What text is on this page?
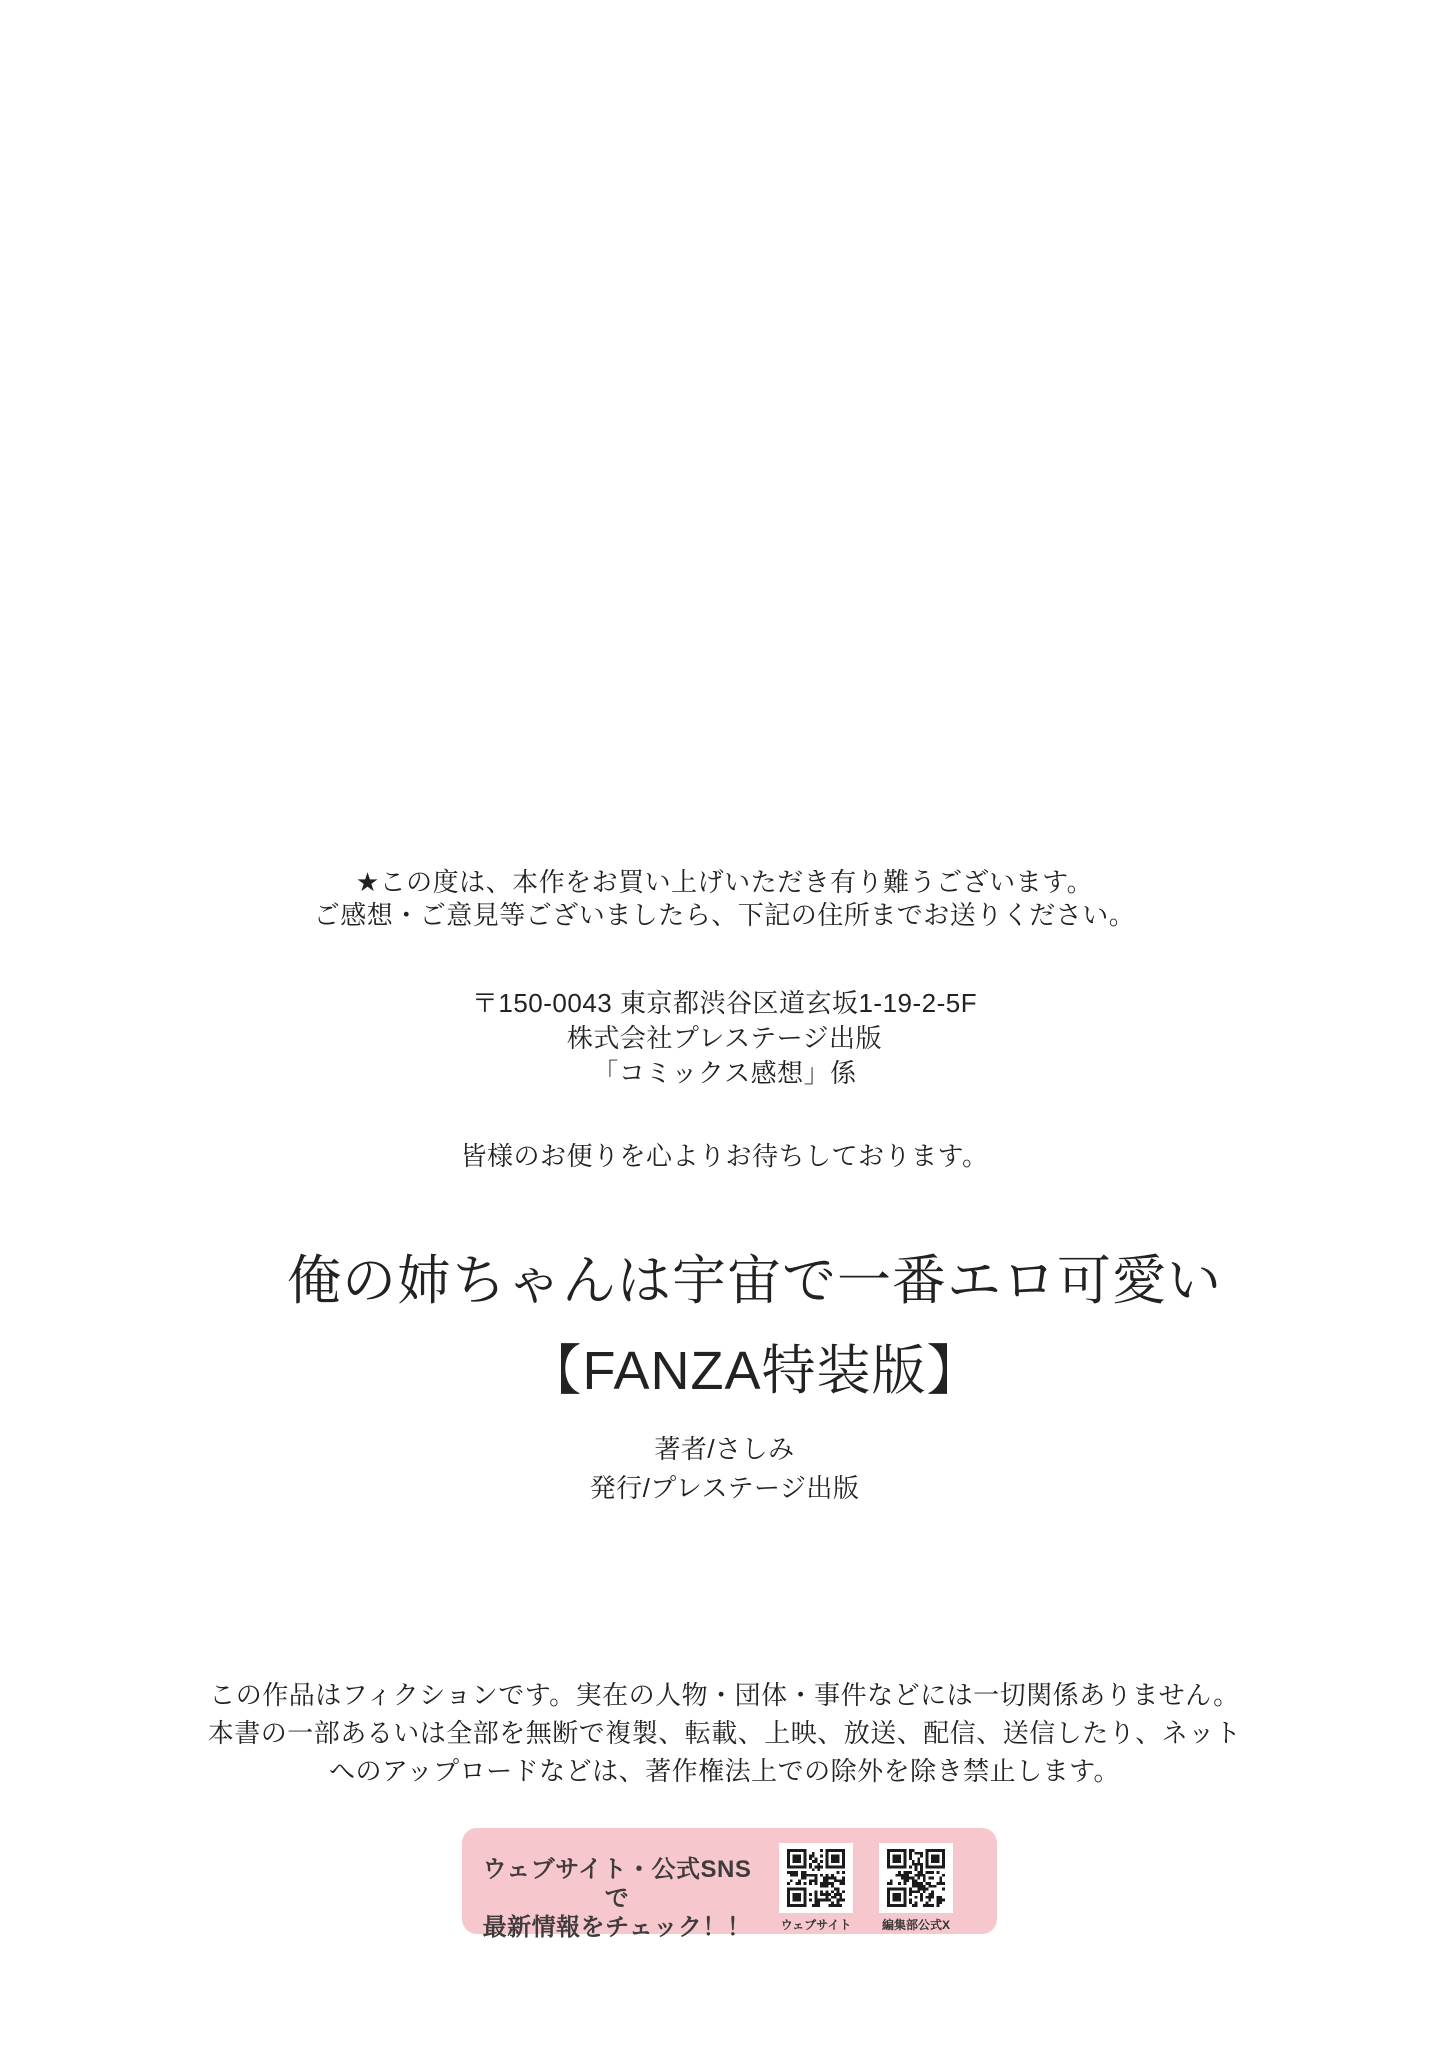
★この度は、本作をお買い上げいただき有り難うございます。
ご感想・ご意見等ございましたら、下記の住所までお送りください。
〒150-0043 東京都渋谷区道玄坂1-19-2-5F
株式会社プレステージ出版
「コミックス感想」係
皆様のお便りを心よりお待ちしております。
俺の姉ちゃんは宇宙で一番エロ可愛い
【FANZA特装版】
著者/さしみ
発行/プレステージ出版
この作品はフィクションです。実在の人物・団体・事件などには一切関係ありません。
本書の一部あるいは全部を無断で複製、転載、上映、放送、配信、送信したり、ネット
へのアップロードなどは、著作権法上での除外を除き禁止します。
ウェブサイト・公式SNSで
最新情報をチェック！！ ウェブサイト	編集部公式X
